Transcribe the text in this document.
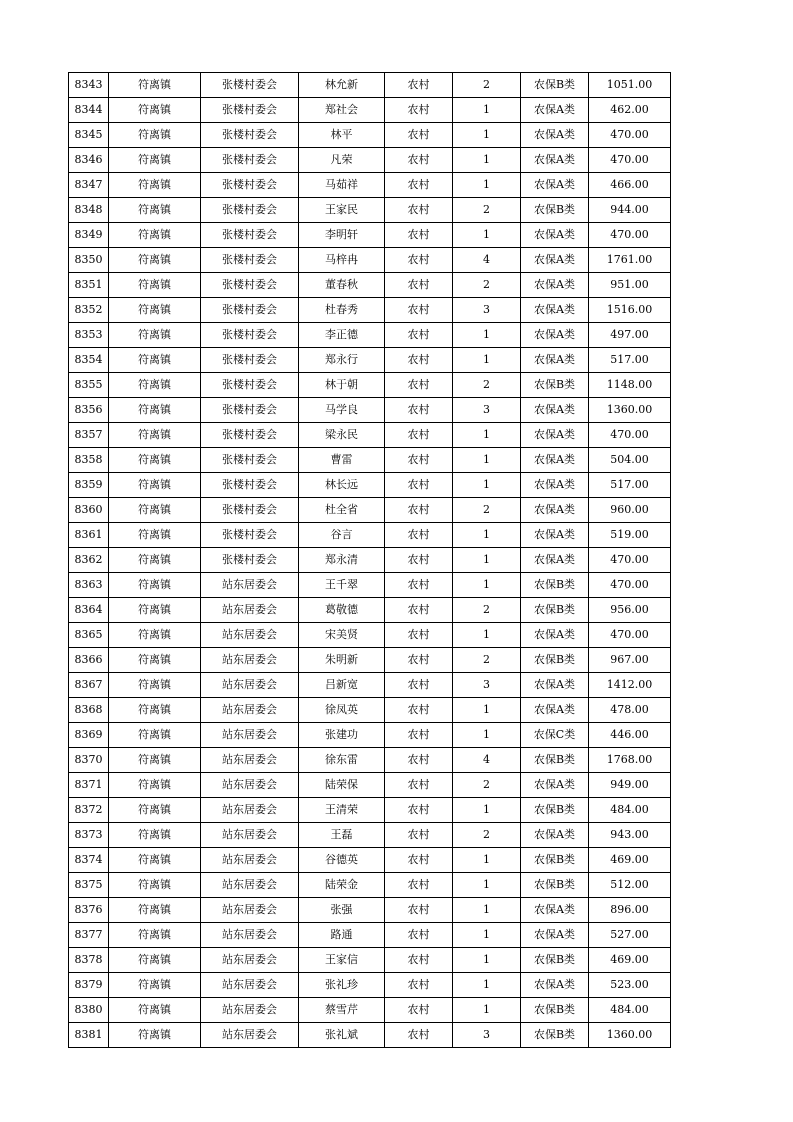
8343	符离镇	张楼村委会	林允新	农村	2	农保B类	1051.00
8344	符离镇	张楼村委会	郑社会	农村	1	农保A类	462.00
8345	符离镇	张楼村委会	林平	农村	1	农保A类	470.00
8346	符离镇	张楼村委会	凡荣	农村	1	农保A类	470.00
8347	符离镇	张楼村委会	马茹祥	农村	1	农保A类	466.00
8348	符离镇	张楼村委会	王家民	农村	2	农保B类	944.00
8349	符离镇	张楼村委会	李明轩	农村	1	农保A类	470.00
8350	符离镇	张楼村委会	马梓冉	农村	4	农保A类	1761.00
8351	符离镇	张楼村委会	董春秋	农村	2	农保A类	951.00
8352	符离镇	张楼村委会	杜春秀	农村	3	农保A类	1516.00
8353	符离镇	张楼村委会	李正德	农村	1	农保A类	497.00
8354	符离镇	张楼村委会	郑永行	农村	1	农保A类	517.00
8355	符离镇	张楼村委会	林于朝	农村	2	农保B类	1148.00
8356	符离镇	张楼村委会	马学良	农村	3	农保A类	1360.00
8357	符离镇	张楼村委会	梁永民	农村	1	农保A类	470.00
8358	符离镇	张楼村委会	曹雷	农村	1	农保A类	504.00
8359	符离镇	张楼村委会	林长远	农村	1	农保A类	517.00
8360	符离镇	张楼村委会	杜全省	农村	2	农保A类	960.00
8361	符离镇	张楼村委会	谷言	农村	1	农保A类	519.00
8362	符离镇	张楼村委会	郑永清	农村	1	农保A类	470.00
8363	符离镇	站东居委会	王千翠	农村	1	农保B类	470.00
8364	符离镇	站东居委会	葛敬德	农村	2	农保B类	956.00
8365	符离镇	站东居委会	宋美贤	农村	1	农保A类	470.00
8366	符离镇	站东居委会	朱明新	农村	2	农保B类	967.00
8367	符离镇	站东居委会	吕新宽	农村	3	农保A类	1412.00
8368	符离镇	站东居委会	徐凤英	农村	1	农保A类	478.00
8369	符离镇	站东居委会	张建功	农村	1	农保C类	446.00
8370	符离镇	站东居委会	徐东雷	农村	4	农保B类	1768.00
8371	符离镇	站东居委会	陆荣保	农村	2	农保A类	949.00
8372	符离镇	站东居委会	王清荣	农村	1	农保B类	484.00
8373	符离镇	站东居委会	王磊	农村	2	农保A类	943.00
8374	符离镇	站东居委会	谷德英	农村	1	农保B类	469.00
8375	符离镇	站东居委会	陆荣金	农村	1	农保B类	512.00
8376	符离镇	站东居委会	张强	农村	1	农保A类	896.00
8377	符离镇	站东居委会	路通	农村	1	农保A类	527.00
8378	符离镇	站东居委会	王家信	农村	1	农保B类	469.00
8379	符离镇	站东居委会	张礼珍	农村	1	农保A类	523.00
8380	符离镇	站东居委会	蔡雪芹	农村	1	农保B类	484.00
8381	符离镇	站东居委会	张礼斌	农村	3	农保B类	1360.00
